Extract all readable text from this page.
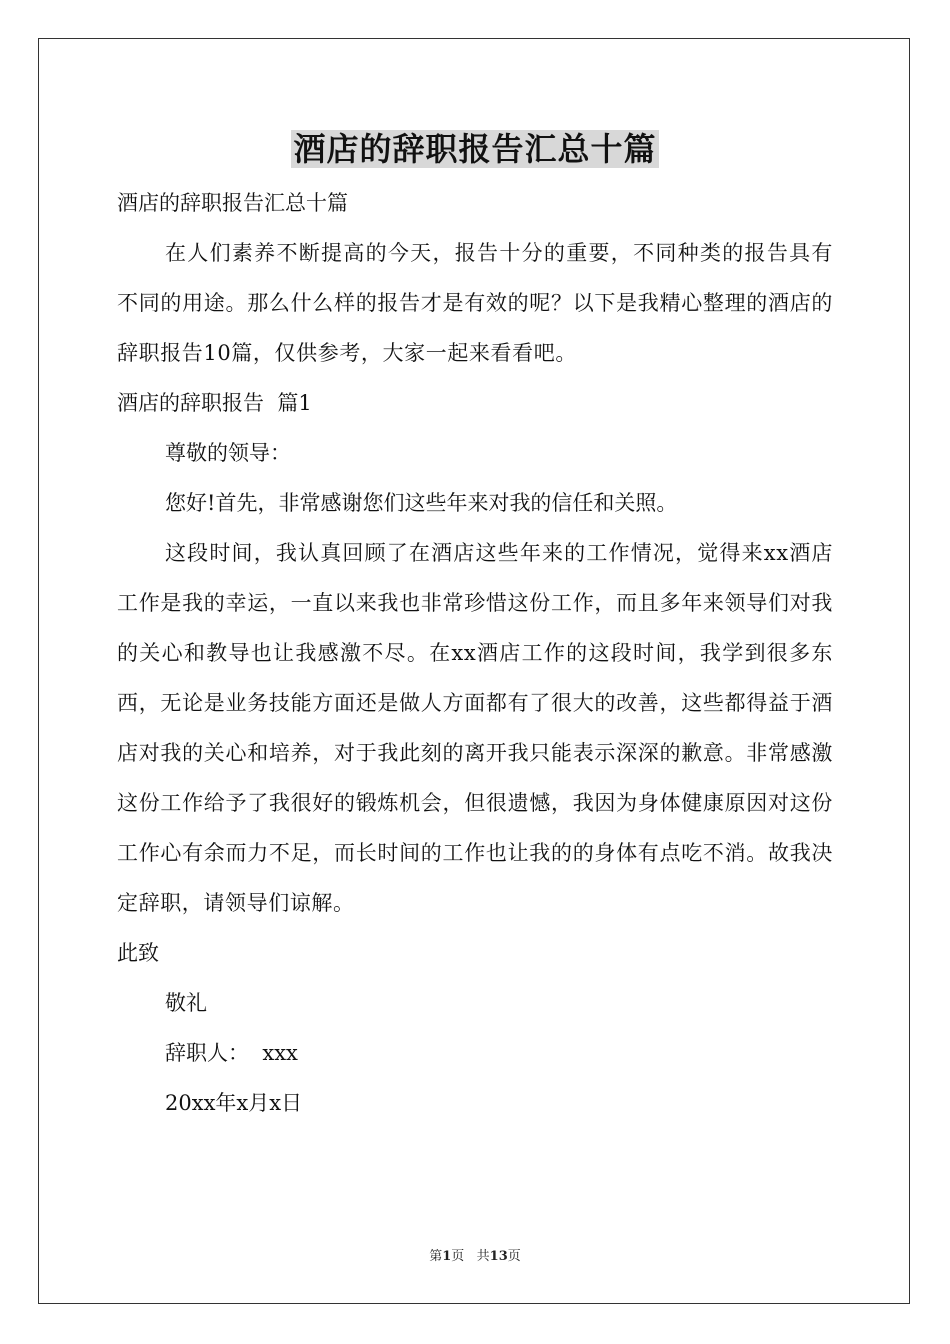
酒店的辞职报告汇总十篇

酒店的辞职报告汇总十篇

在人们素养不断提高的今天，报告十分的重要，不同种类的报告具有不同的用途。那么什么样的报告才是有效的呢？以下是我精心整理的酒店的辞职报告10篇，仅供参考，大家一起来看看吧。

酒店的辞职报告  篇1

尊敬的领导：

您好!首先，非常感谢您们这些年来对我的信任和关照。

这段时间，我认真回顾了在酒店这些年来的工作情况，觉得来xx酒店工作是我的幸运，一直以来我也非常珍惜这份工作，而且多年来领导们对我的关心和教导也让我感激不尽。在xx酒店工作的这段时间，我学到很多东西，无论是业务技能方面还是做人方面都有了很大的改善，这些都得益于酒店对我的关心和培养，对于我此刻的离开我只能表示深深的歉意。非常感激这份工作给予了我很好的锻炼机会，但很遗憾，我因为身体健康原因对这份工作心有余而力不足，而长时间的工作也让我的的身体有点吃不消。故我决定辞职，请领导们谅解。

此致

敬礼

辞职人：  xxx

20xx年x月x日

第1页   共13页
